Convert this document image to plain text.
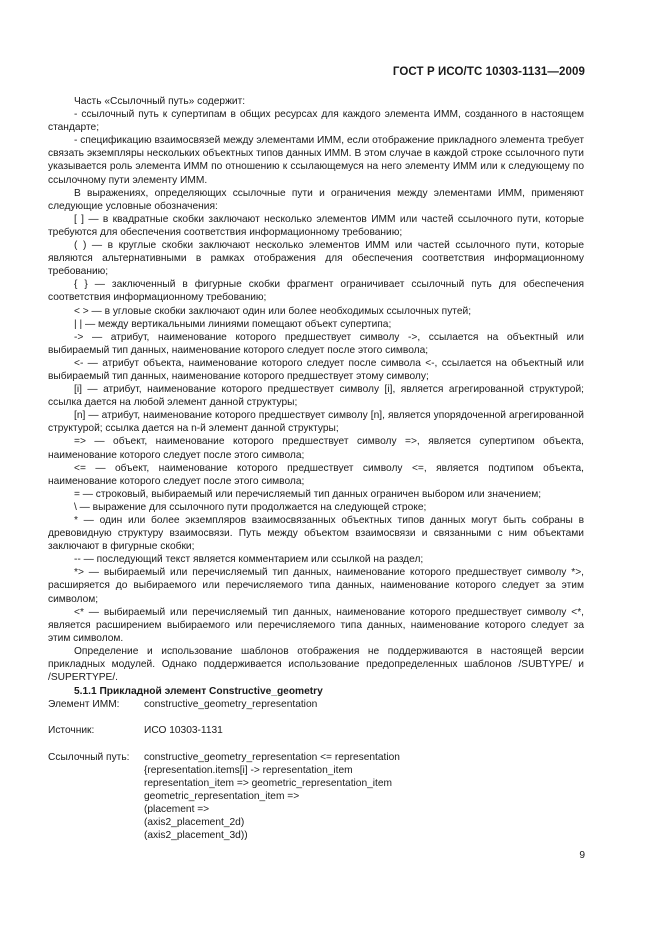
ГОСТ Р ИСО/ТС 10303-1131—2009

Часть «Ссылочный путь» содержит:

- ссылочный путь к супертипам в общих ресурсах для каждого элемента ИММ, созданного в настоящем стандарте;

- спецификацию взаимосвязей между элементами ИММ, если отображение прикладного элемента требует связать экземпляры нескольких объектных типов данных ИММ. В этом случае в каждой строке ссылочного пути указывается роль элемента ИММ по отношению к ссылающемуся на него элементу ИММ или к следующему по ссылочному пути элементу ИММ.

В выражениях, определяющих ссылочные пути и ограничения между элементами ИММ, применяют следующие условные обозначения:

[ ] — в квадратные скобки заключают несколько элементов ИММ или частей ссылочного пути, которые требуются для обеспечения соответствия информационному требованию;

( ) — в круглые скобки заключают несколько элементов ИММ или частей ссылочного пути, которые являются альтернативными в рамках отображения для обеспечения соответствия информационному требованию;

{ } — заключенный в фигурные скобки фрагмент ограничивает ссылочный путь для обеспечения соответствия информационному требованию;

< > — в угловые скобки заключают один или более необходимых ссылочных путей;

| | — между вертикальными линиями помещают объект супертипа;

-> — атрибут, наименование которого предшествует символу ->, ссылается на объектный или выбираемый тип данных, наименование которого следует после этого символа;

<- — атрибут объекта, наименование которого следует после символа <-, ссылается на объектный или выбираемый тип данных, наименование которого предшествует этому символу;

[i] — атрибут, наименование которого предшествует символу [i], является агрегированной структурой; ссылка дается на любой элемент данной структуры;

[n] — атрибут, наименование которого предшествует символу [n], является упорядоченной агрегированной структурой; ссылка дается на n-й элемент данной структуры;

=> — объект, наименование которого предшествует символу =>, является супертипом объекта, наименование которого следует после этого символа;

<= — объект, наименование которого предшествует символу <=, является подтипом объекта, наименование которого следует после этого символа;

= — строковый, выбираемый или перечисляемый тип данных ограничен выбором или значением;

\ — выражение для ссылочного пути продолжается на следующей строке;

* — один или более экземпляров взаимосвязанных объектных типов данных могут быть собраны в древовидную структуру взаимосвязи. Путь между объектом взаимосвязи и связанными с ним объектами заключают в фигурные скобки;

-- — последующий текст является комментарием или ссылкой на раздел;

*> — выбираемый или перечисляемый тип данных, наименование которого предшествует символу *>, расширяется до выбираемого или перечисляемого типа данных, наименование которого следует за этим символом;

<* — выбираемый или перечисляемый тип данных, наименование которого предшествует символу <*, является расширением выбираемого или перечисляемого типа данных, наименование которого следует за этим символом.

Определение и использование шаблонов отображения не поддерживаются в настоящей версии прикладных модулей. Однако поддерживается использование предопределенных шаблонов /SUBTYPE/ и /SUPERTYPE/.

5.1.1 Прикладной элемент Constructive_geometry

Элемент ИММ:	constructive_geometry_representation
Источник:	ИСО 10303-1131
Ссылочный путь:	constructive_geometry_representation <= representation

{representation.items[i] -> representation_item

representation_item => geometric_representation_item

geometric_representation_item =>

(placement =>

(axis2_placement_2d)

(axis2_placement_3d))

9
